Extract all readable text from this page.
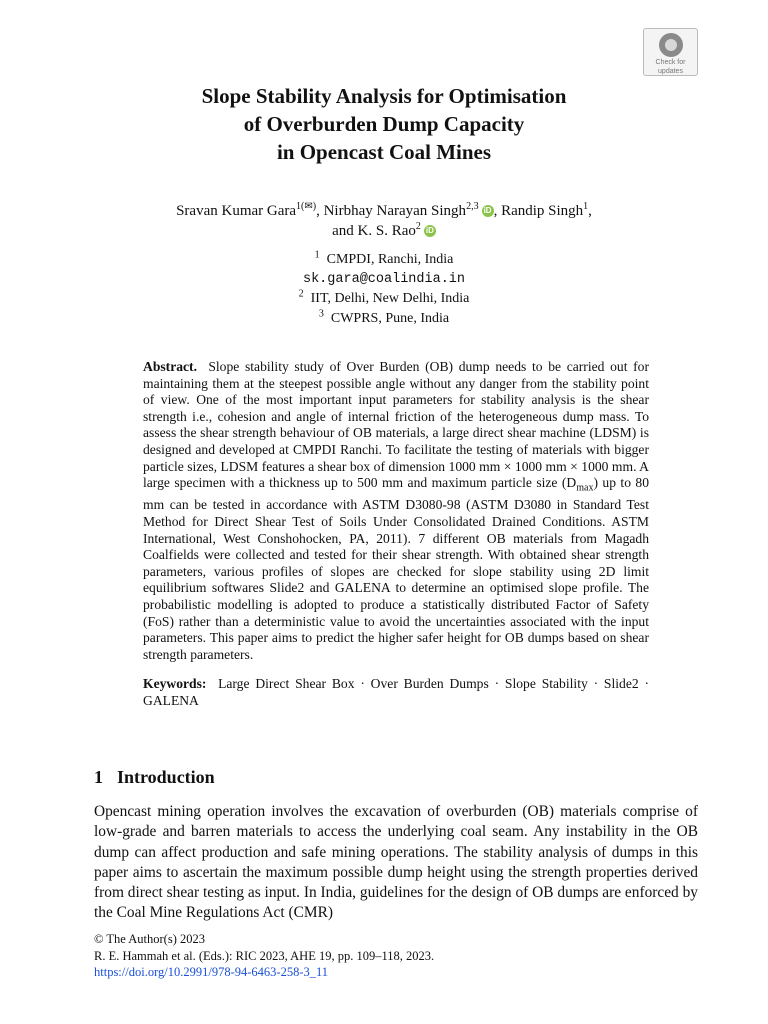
Check for
updates
Slope Stability Analysis for Optimisation
of Overburden Dump Capacity
in Opencast Coal Mines
Sravan Kumar Gara$^{1(✉)}$, Nirbhay Narayan Singh$^{2,3}$ iD , Randip Singh$^1$,
and K. S. Rao$^2$ iD
$^1$ CMPDI, Ranchi, India
sk.gara@coalindia.in
$^2$ IIT, Delhi, New Delhi, India
$^3$ CWPRS, Pune, India

Abstract. Slope stability study of Over Burden (OB) dump needs to be carried out for maintaining them at the steepest possible angle without any danger from the stability point of view. One of the most important input parameters for stability analysis is the shear strength i.e., cohesion and angle of internal friction of the heterogeneous dump mass. To assess the shear strength behaviour of OB materials, a large direct shear machine (LDSM) is designed and developed at CMPDI Ranchi. To facilitate the testing of materials with bigger particle sizes, LDSM features a shear box of dimension 1000 mm × 1000 mm × 1000 mm. A large specimen with a thickness up to 500 mm and maximum particle size $(D_{max})$ up to 80 mm can be tested in accordance with ASTM D3080-98 (ASTM D3080 in Standard Test Method for Direct Shear Test of Soils Under Consolidated Drained Conditions. ASTM International, West Conshohocken, PA, 2011). 7 different OB materials from Magadh Coalfields were collected and tested for their shear strength. With obtained shear strength parameters, various profiles of slopes are checked for slope stability using 2D limit equilibrium softwares Slide2 and GALENA to determine an optimised slope profile. The probabilistic modelling is adopted to produce a statistically distributed Factor of Safety (FoS) rather than a deterministic value to avoid the uncertainties associated with the input parameters. This paper aims to predict the higher safer height for OB dumps based on shear strength parameters.

Keywords: Large Direct Shear Box · Over Burden Dumps · Slope Stability · Slide2 · GALENA

1 Introduction

Opencast mining operation involves the excavation of overburden (OB) materials comprise of low-grade and barren materials to access the underlying coal seam. Any instability in the OB dump can affect production and safe mining operations. The stability analysis of dumps in this paper aims to ascertain the maximum possible dump height using the strength properties derived from direct shear testing as input. In India, guidelines for the design of OB dumps are enforced by the Coal Mine Regulations Act (CMR)

© The Author(s) 2023
R. E. Hammah et al. (Eds.): RIC 2023, AHE 19, pp. 109–118, 2023.
https://doi.org/10.2991/978-94-6463-258-3_11
